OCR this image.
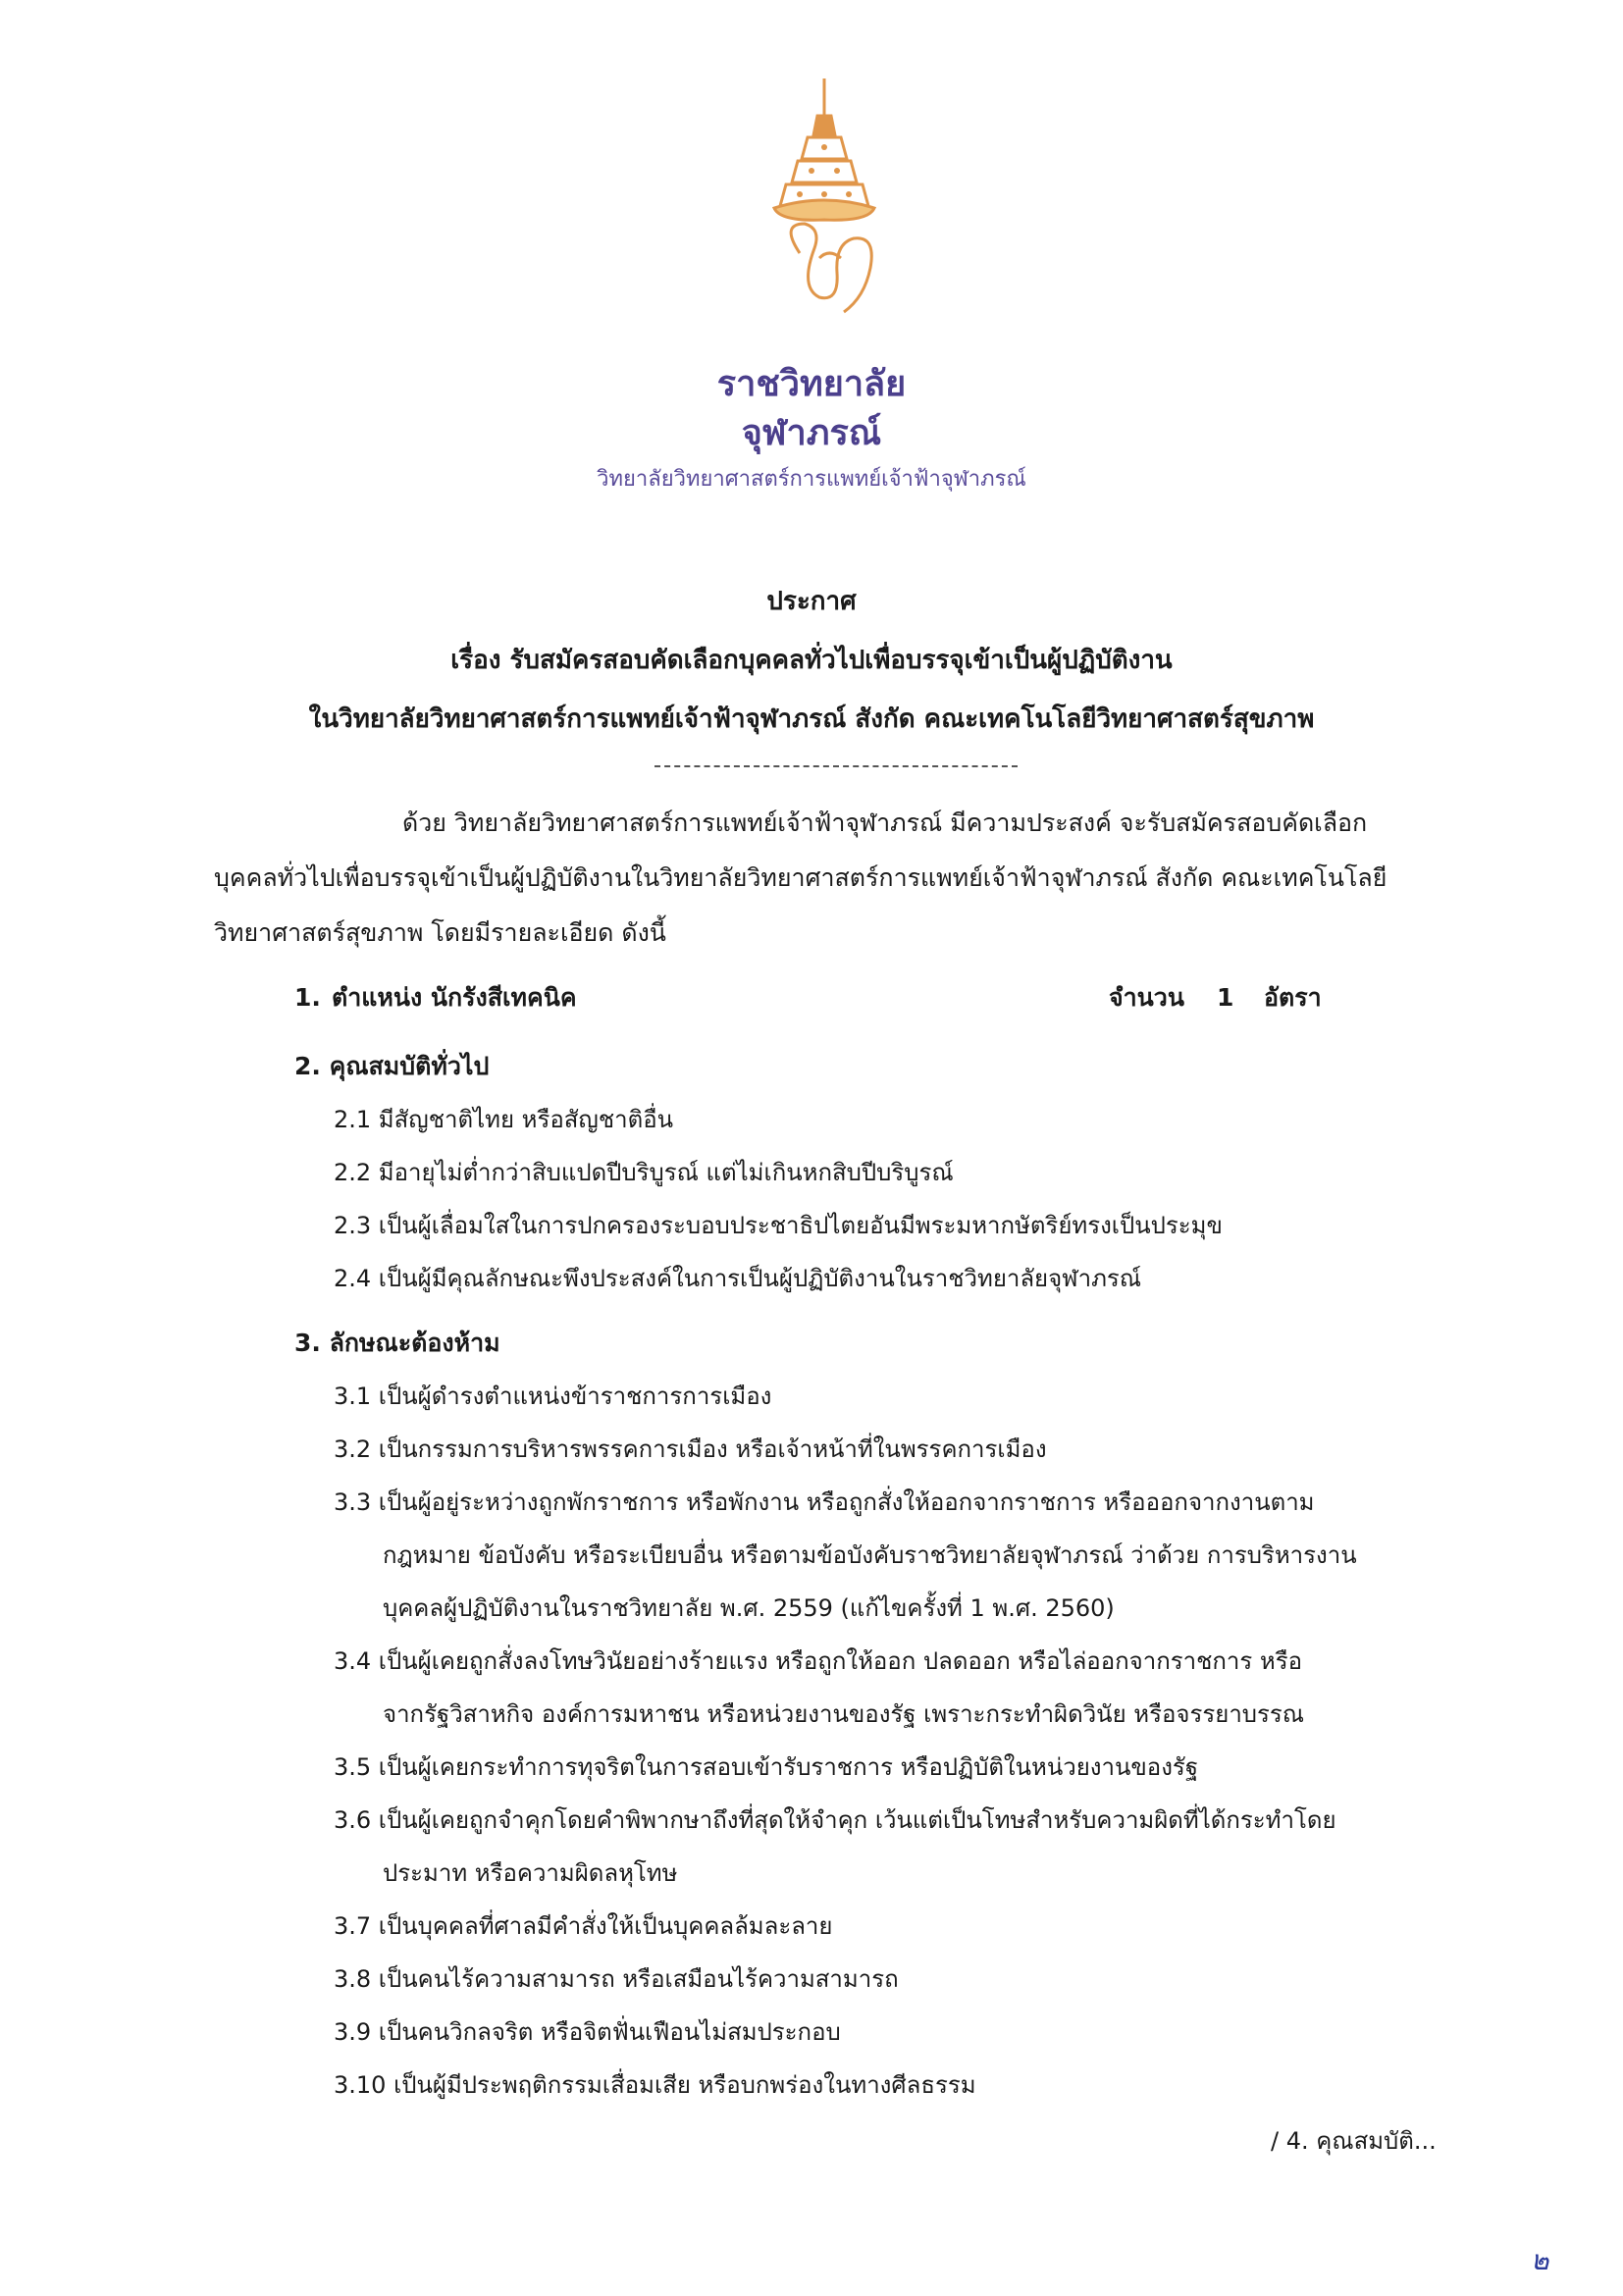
ราชวิทยาลัย
จุฬาภรณ์
วิทยาลัยวิทยาศาสตร์การแพทย์เจ้าฟ้าจุฬาภรณ์
ประกาศ
เรื่อง รับสมัครสอบคัดเลือกบุคคลทั่วไปเพื่อบรรจุเข้าเป็นผู้ปฏิบัติงาน
ในวิทยาลัยวิทยาศาสตร์การแพทย์เจ้าฟ้าจุฬาภรณ์ สังกัด คณะเทคโนโลยีวิทยาศาสตร์สุขภาพ
ด้วย วิทยาลัยวิทยาศาสตร์การแพทย์เจ้าฟ้าจุฬาภรณ์ มีความประสงค์ จะรับสมัครสอบคัดเลือก
บุคคลทั่วไปเพื่อบรรจุเข้าเป็นผู้ปฏิบัติงานในวิทยาลัยวิทยาศาสตร์การแพทย์เจ้าฟ้าจุฬาภรณ์ สังกัด คณะเทคโนโลยี
วิทยาศาสตร์สุขภาพ โดยมีรายละเอียด ดังนี้
1. ตำแหน่ง นักรังสีเทคนิค	จำนวน 1 อัตรา
2. คุณสมบัติทั่วไป
2.1 มีสัญชาติไทย หรือสัญชาติอื่น
2.2 มีอายุไม่ต่ำกว่าสิบแปดปีบริบูรณ์ แต่ไม่เกินหกสิบปีบริบูรณ์
2.3 เป็นผู้เลื่อมใสในการปกครองระบอบประชาธิปไตยอันมีพระมหากษัตริย์ทรงเป็นประมุข
2.4 เป็นผู้มีคุณลักษณะพึงประสงค์ในการเป็นผู้ปฏิบัติงานในราชวิทยาลัยจุฬาภรณ์
3. ลักษณะต้องห้าม
3.1 เป็นผู้ดำรงตำแหน่งข้าราชการการเมือง
3.2 เป็นกรรมการบริหารพรรคการเมือง หรือเจ้าหน้าที่ในพรรคการเมือง
3.3 เป็นผู้อยู่ระหว่างถูกพักราชการ หรือพักงาน หรือถูกสั่งให้ออกจากราชการ หรือออกจากงานตาม
กฎหมาย ข้อบังคับ หรือระเบียบอื่น หรือตามข้อบังคับราชวิทยาลัยจุฬาภรณ์ ว่าด้วย การบริหารงาน
บุคคลผู้ปฏิบัติงานในราชวิทยาลัย พ.ศ. 2559 (แก้ไขครั้งที่ 1 พ.ศ. 2560)
3.4 เป็นผู้เคยถูกสั่งลงโทษวินัยอย่างร้ายแรง หรือถูกให้ออก ปลดออก หรือไล่ออกจากราชการ หรือ
จากรัฐวิสาหกิจ องค์การมหาชน หรือหน่วยงานของรัฐ เพราะกระทำผิดวินัย หรือจรรยาบรรณ
3.5 เป็นผู้เคยกระทำการทุจริตในการสอบเข้ารับราชการ หรือปฏิบัติในหน่วยงานของรัฐ
3.6 เป็นผู้เคยถูกจำคุกโดยคำพิพากษาถึงที่สุดให้จำคุก เว้นแต่เป็นโทษสำหรับความผิดที่ได้กระทำโดย
ประมาท หรือความผิดลหุโทษ
3.7 เป็นบุคคลที่ศาลมีคำสั่งให้เป็นบุคคลล้มละลาย
3.8 เป็นคนไร้ความสามารถ หรือเสมือนไร้ความสามารถ
3.9 เป็นคนวิกลจริต หรือจิตฟั่นเฟือนไม่สมประกอบ
3.10 เป็นผู้มีประพฤติกรรมเสื่อมเสีย หรือบกพร่องในทางศีลธรรม
/ 4. คุณสมบัติ...
๒
